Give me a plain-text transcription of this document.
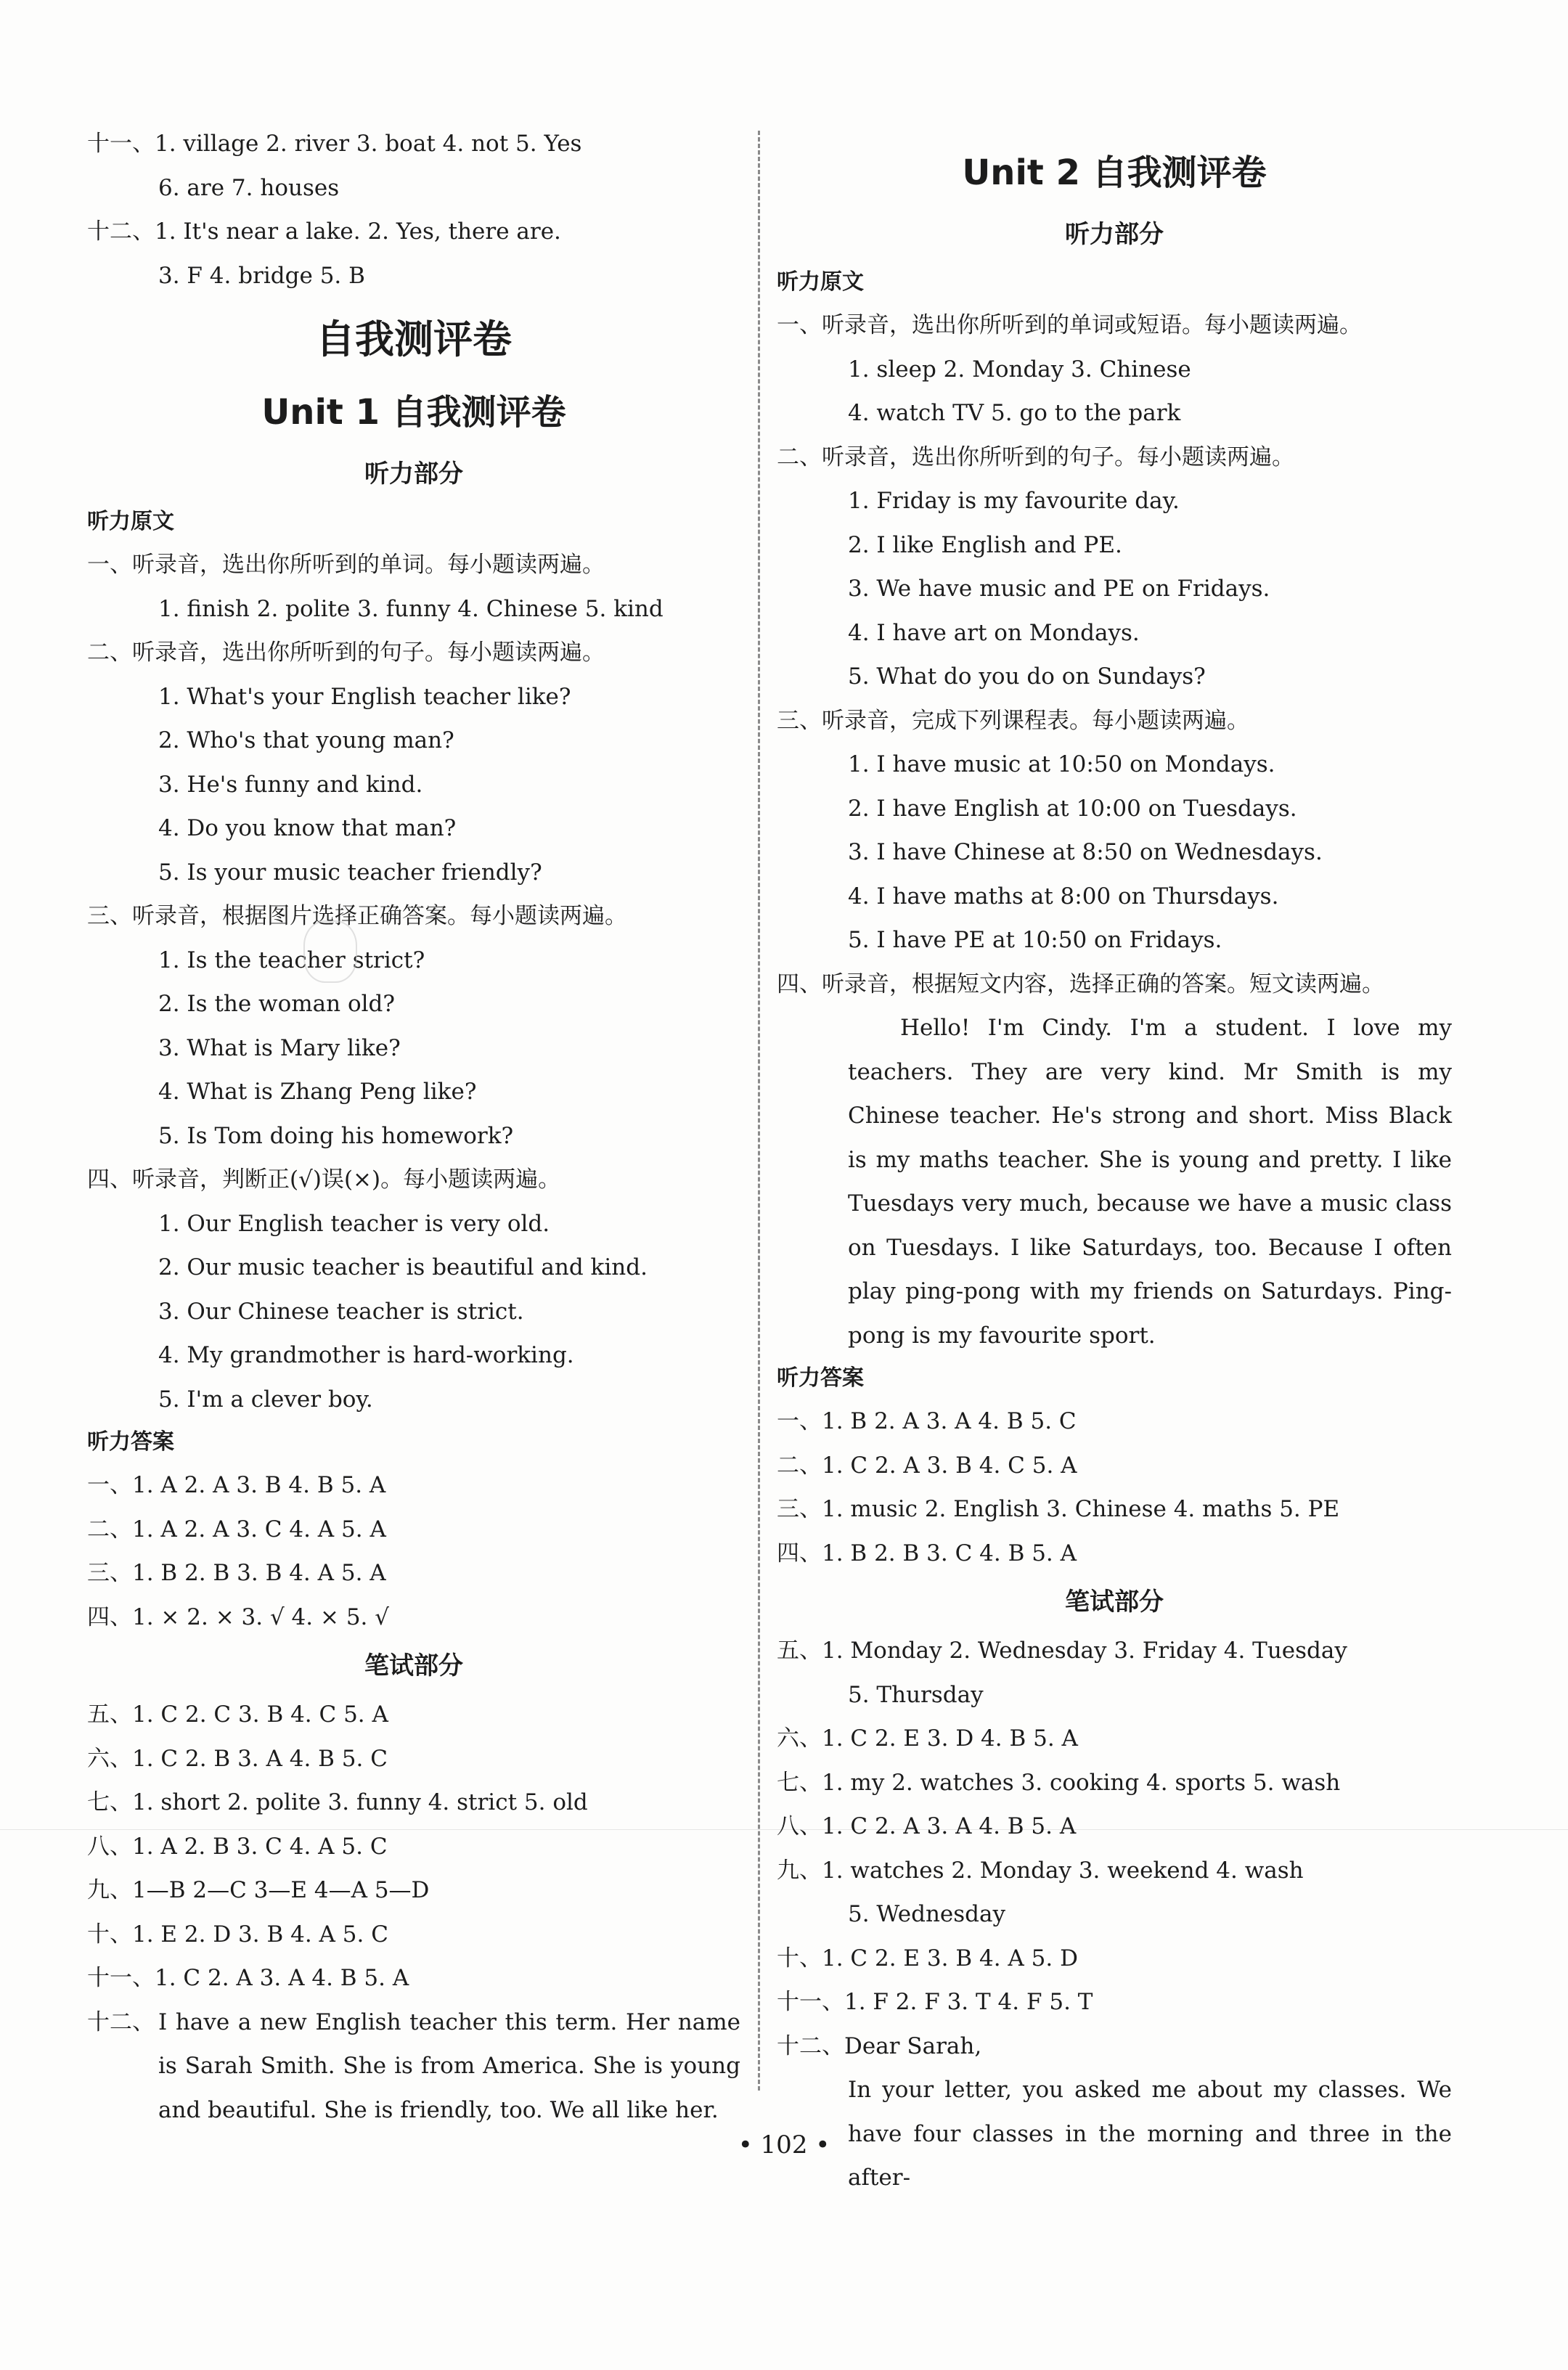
十一、1. village 2. river 3. boat 4. not 5. Yes

6. are 7. houses

十二、1. It's near a lake. 2. Yes, there are.

3. F 4. bridge 5. B

自我测评卷
Unit 1 自我测评卷
听力部分
听力原文

一、听录音，选出你所听到的单词。每小题读两遍。

1. finish 2. polite 3. funny 4. Chinese 5. kind

二、听录音，选出你所听到的句子。每小题读两遍。

1. What's your English teacher like?

2. Who's that young man?

3. He's funny and kind.

4. Do you know that man?

5. Is your music teacher friendly?

三、听录音，根据图片选择正确答案。每小题读两遍。

1. Is the teacher strict?

2. Is the woman old?

3. What is Mary like?

4. What is Zhang Peng like?

5. Is Tom doing his homework?

四、听录音，判断正(√)误(×)。每小题读两遍。

1. Our English teacher is very old.

2. Our music teacher is beautiful and kind.

3. Our Chinese teacher is strict.

4. My grandmother is hard-working.

5. I'm a clever boy.

听力答案

一、1. A 2. A 3. B 4. B 5. A

二、1. A 2. A 3. C 4. A 5. A

三、1. B 2. B 3. B 4. A 5. A

四、1. × 2. × 3. √ 4. × 5. √

笔试部分

五、1. C 2. C 3. B 4. C 5. A

六、1. C 2. B 3. A 4. B 5. C

七、1. short 2. polite 3. funny 4. strict 5. old

八、1. A 2. B 3. C 4. A 5. C

九、1—B 2—C 3—E 4—A 5—D

十、1. E 2. D 3. B 4. A 5. C

十一、1. C 2. A 3. A 4. B 5. A

十二、 I have a new English teacher this term. Her name is Sarah Smith. She is from America. She is young and beautiful. She is friendly, too. We all like her.

Unit 2 自我测评卷
听力部分
听力原文

一、听录音，选出你所听到的单词或短语。每小题读两遍。

1. sleep 2. Monday 3. Chinese

4. watch TV 5. go to the park

二、听录音，选出你所听到的句子。每小题读两遍。

1. Friday is my favourite day.

2. I like English and PE.

3. We have music and PE on Fridays.

4. I have art on Mondays.

5. What do you do on Sundays?

三、听录音，完成下列课程表。每小题读两遍。

1. I have music at 10:50 on Mondays.

2. I have English at 10:00 on Tuesdays.

3. I have Chinese at 8:50 on Wednesdays.

4. I have maths at 8:00 on Thursdays.

5. I have PE at 10:50 on Fridays.

四、听录音，根据短文内容，选择正确的答案。短文读两遍。

Hello! I'm Cindy. I'm a student. I love my teachers. They are very kind. Mr Smith is my Chinese teacher. He's strong and short. Miss Black is my maths teacher. She is young and pretty. I like Tuesdays very much, because we have a music class on Tuesdays. I like Saturdays, too. Because I often play ping-pong with my friends on Saturdays. Ping-pong is my favourite sport.

听力答案

一、1. B 2. A 3. A 4. B 5. C

二、1. C 2. A 3. B 4. C 5. A

三、1. music 2. English 3. Chinese 4. maths 5. PE

四、1. B 2. B 3. C 4. B 5. A

笔试部分

五、1. Monday 2. Wednesday 3. Friday 4. Tuesday

5. Thursday

六、1. C 2. E 3. D 4. B 5. A

七、1. my 2. watches 3. cooking 4. sports 5. wash

八、1. C 2. A 3. A 4. B 5. A

九、1. watches 2. Monday 3. weekend 4. wash

5. Wednesday

十、1. C 2. E 3. B 4. A 5. D

十一、1. F 2. F 3. T 4. F 5. T

十二、Dear Sarah,

In your letter, you asked me about my classes. We have four classes in the morning and three in the after-

• 102 •
